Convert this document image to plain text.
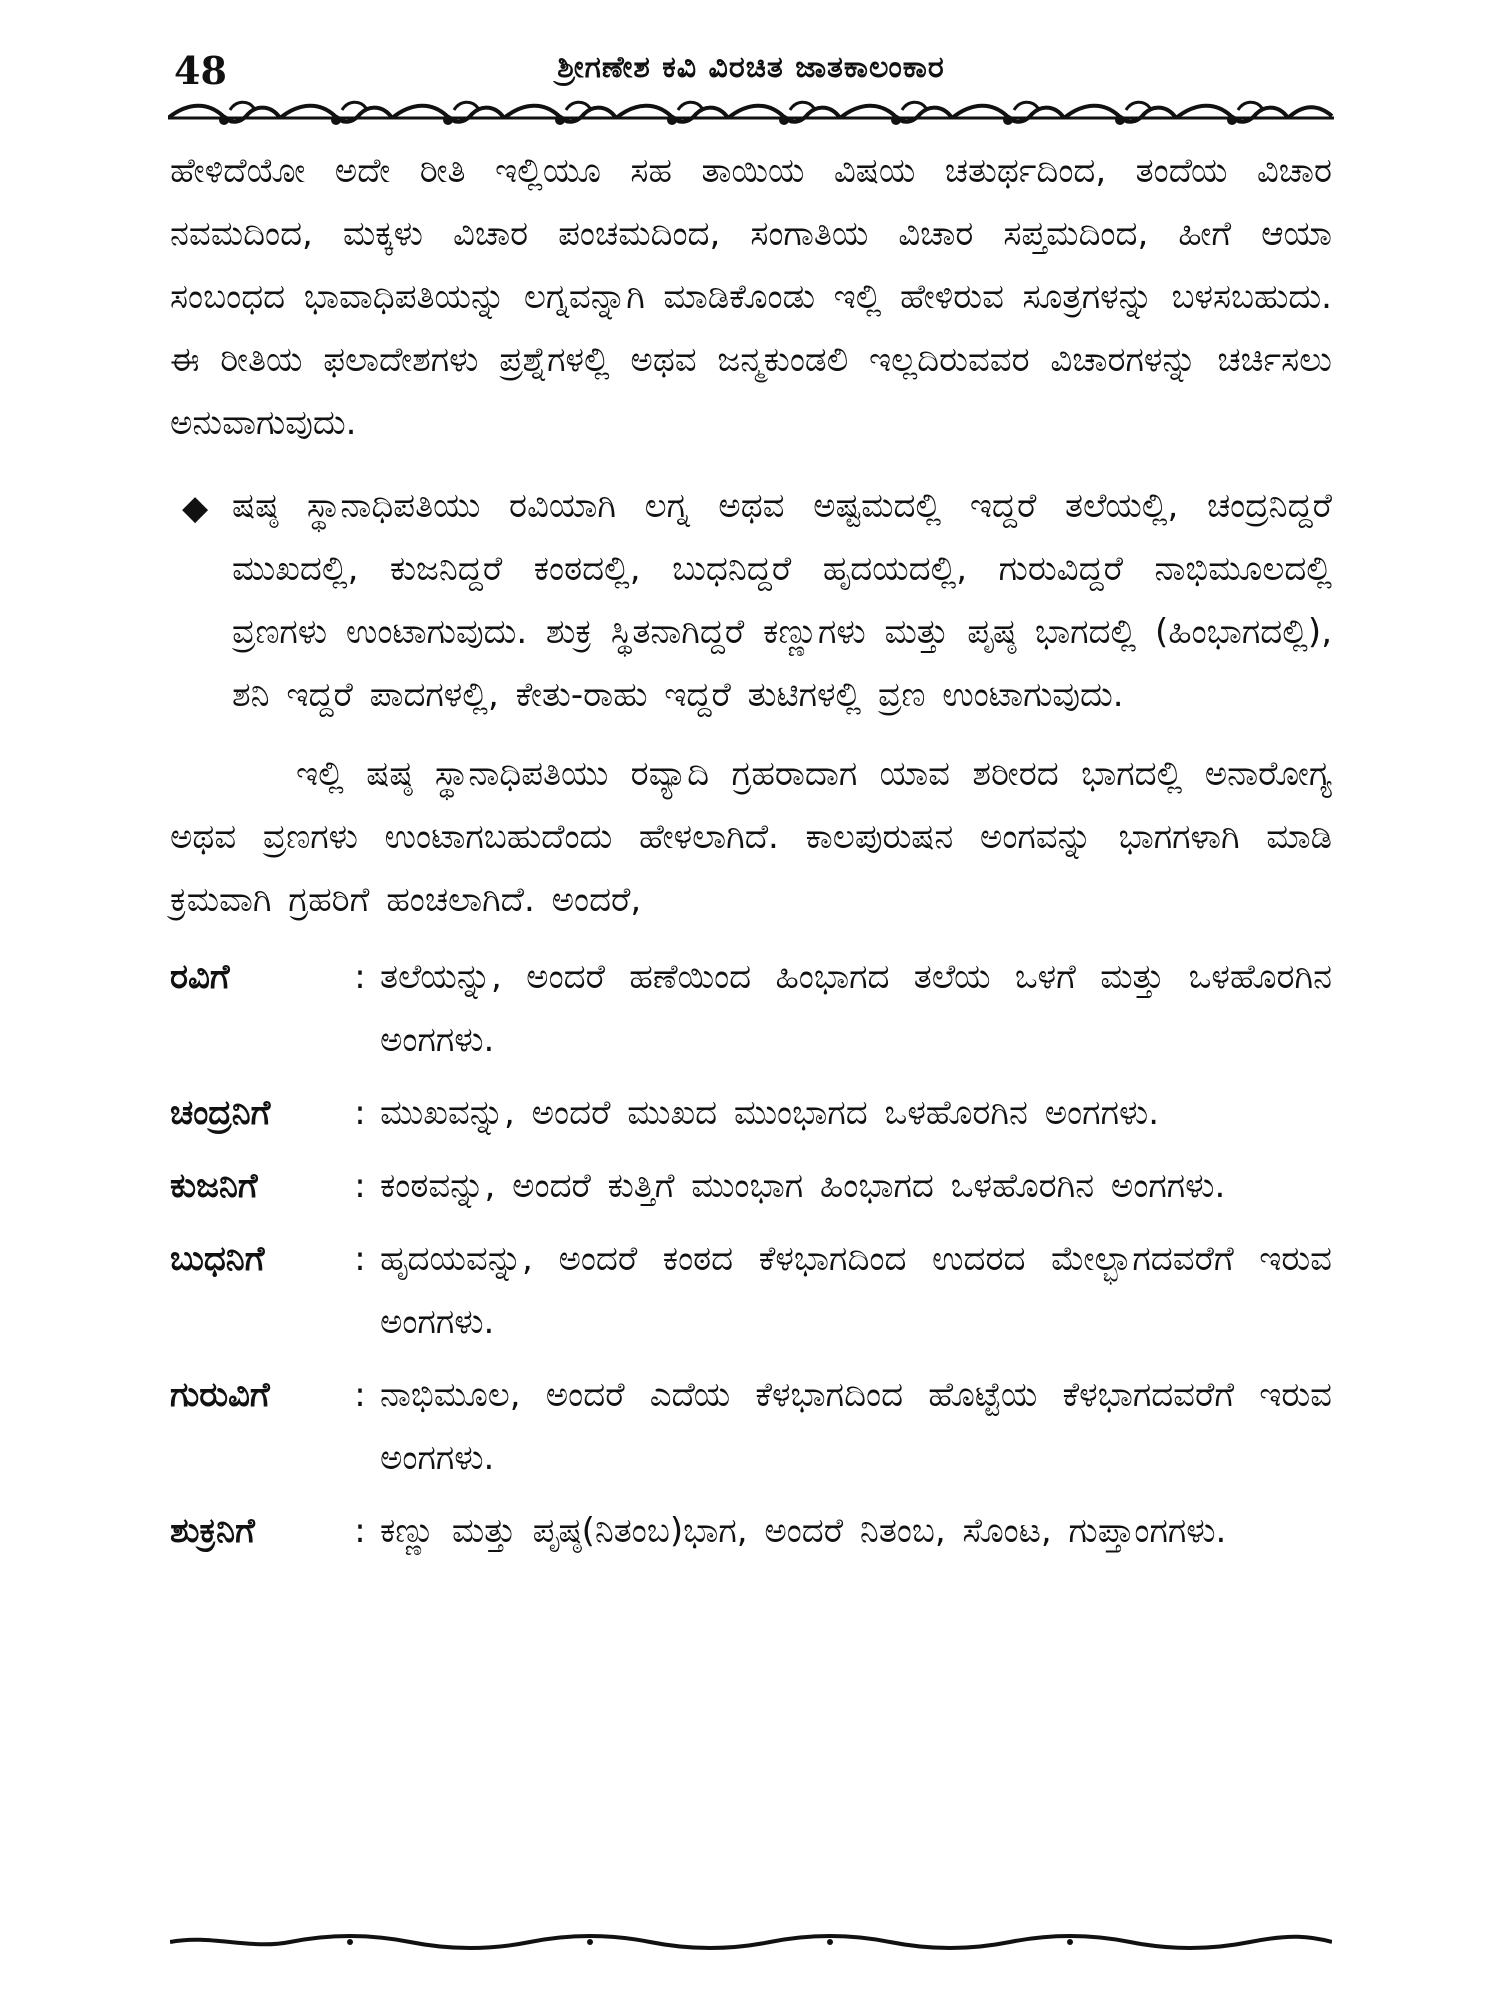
48	ಶ್ರೀಗಣೇಶ ಕವಿ ವಿರಚಿತ ಜಾತಕಾಲಂಕಾರ

ಹೇಳಿದೆಯೋ ಅದೇ ರೀತಿ ಇಲ್ಲಿಯೂ ಸಹ ತಾಯಿಯ ವಿಷಯ ಚತುರ್ಥದಿಂದ, ತಂದೆಯ ವಿಚಾರ ನವಮದಿಂದ, ಮಕ್ಕಳು ವಿಚಾರ ಪಂಚಮದಿಂದ, ಸಂಗಾತಿಯ ವಿಚಾರ ಸಪ್ತಮದಿಂದ, ಹೀಗೆ ಆಯಾ ಸಂಬಂಧದ ಭಾವಾಧಿಪತಿಯನ್ನು ಲಗ್ನವನ್ನಾಗಿ ಮಾಡಿಕೊಂಡು ಇಲ್ಲಿ ಹೇಳಿರುವ ಸೂತ್ರಗಳನ್ನು ಬಳಸಬಹುದು. ಈ ರೀತಿಯ ಫಲಾದೇಶಗಳು ಪ್ರಶ್ನೆಗಳಲ್ಲಿ ಅಥವ ಜನ್ಮಕುಂಡಲಿ ಇಲ್ಲದಿರುವವರ ವಿಚಾರಗಳನ್ನು ಚರ್ಚಿಸಲು ಅನುವಾಗುವುದು.

◆ ಷಷ್ಠ ಸ್ಥಾನಾಧಿಪತಿಯು ರವಿಯಾಗಿ ಲಗ್ನ ಅಥವ ಅಷ್ಟಮದಲ್ಲಿ ಇದ್ದರೆ ತಲೆಯಲ್ಲಿ, ಚಂದ್ರನಿದ್ದರೆ ಮುಖದಲ್ಲಿ, ಕುಜನಿದ್ದರೆ ಕಂಠದಲ್ಲಿ, ಬುಧನಿದ್ದರೆ ಹೃದಯದಲ್ಲಿ, ಗುರುವಿದ್ದರೆ ನಾಭಿಮೂಲದಲ್ಲಿ ವ್ರಣಗಳು ಉಂಟಾಗುವುದು. ಶುಕ್ರ ಸ್ಥಿತನಾಗಿದ್ದರೆ ಕಣ್ಣುಗಳು ಮತ್ತು ಪೃಷ್ಠ ಭಾಗದಲ್ಲಿ (ಹಿಂಭಾಗದಲ್ಲಿ), ಶನಿ ಇದ್ದರೆ ಪಾದಗಳಲ್ಲಿ, ಕೇತು-ರಾಹು ಇದ್ದರೆ ತುಟಿಗಳಲ್ಲಿ ವ್ರಣ ಉಂಟಾಗುವುದು.

ಇಲ್ಲಿ ಷಷ್ಠ ಸ್ಥಾನಾಧಿಪತಿಯು ರವ್ಯಾದಿ ಗ್ರಹರಾದಾಗ ಯಾವ ಶರೀರದ ಭಾಗದಲ್ಲಿ ಅನಾರೋಗ್ಯ ಅಥವ ವ್ರಣಗಳು ಉಂಟಾಗಬಹುದೆಂದು ಹೇಳಲಾಗಿದೆ. ಕಾಲಪುರುಷನ ಅಂಗವನ್ನು ಭಾಗಗಳಾಗಿ ಮಾಡಿ ಕ್ರಮವಾಗಿ ಗ್ರಹರಿಗೆ ಹಂಚಲಾಗಿದೆ. ಅಂದರೆ,

ರವಿಗೆ	: ತಲೆಯನ್ನು, ಅಂದರೆ ಹಣೆಯಿಂದ ಹಿಂಭಾಗದ ತಲೆಯ ಒಳಗೆ ಮತ್ತು ಒಳಹೊರಗಿನ ಅಂಗಗಳು.
ಚಂದ್ರನಿಗೆ	: ಮುಖವನ್ನು, ಅಂದರೆ ಮುಖದ ಮುಂಭಾಗದ ಒಳಹೊರಗಿನ ಅಂಗಗಳು.
ಕುಜನಿಗೆ	: ಕಂಠವನ್ನು, ಅಂದರೆ ಕುತ್ತಿಗೆ ಮುಂಭಾಗ ಹಿಂಭಾಗದ ಒಳಹೊರಗಿನ ಅಂಗಗಳು.
ಬುಧನಿಗೆ	: ಹೃದಯವನ್ನು, ಅಂದರೆ ಕಂಠದ ಕೆಳಭಾಗದಿಂದ ಉದರದ ಮೇಲ್ಭಾಗದವರೆಗೆ ಇರುವ ಅಂಗಗಳು.
ಗುರುವಿಗೆ	: ನಾಭಿಮೂಲ, ಅಂದರೆ ಎದೆಯ ಕೆಳಭಾಗದಿಂದ ಹೊಟ್ಟೆಯ ಕೆಳಭಾಗದವರೆಗೆ ಇರುವ ಅಂಗಗಳು.
ಶುಕ್ರನಿಗೆ	: ಕಣ್ಣು ಮತ್ತು ಪೃಷ್ಠ(ನಿತಂಬ)ಭಾಗ, ಅಂದರೆ ನಿತಂಬ, ಸೊಂಟ, ಗುಪ್ತಾಂಗಗಳು.
